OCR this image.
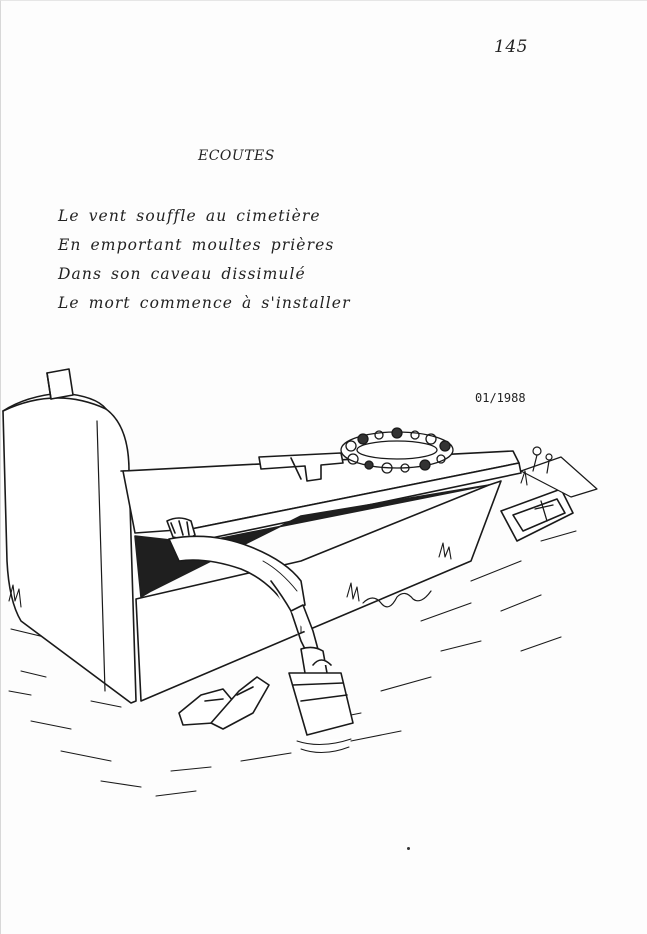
145
ECOUTES
Le vent souffle au cimetière
En emportant moultes prières
Dans son caveau dissimulé
Le mort commence à s'installer
01/1988
